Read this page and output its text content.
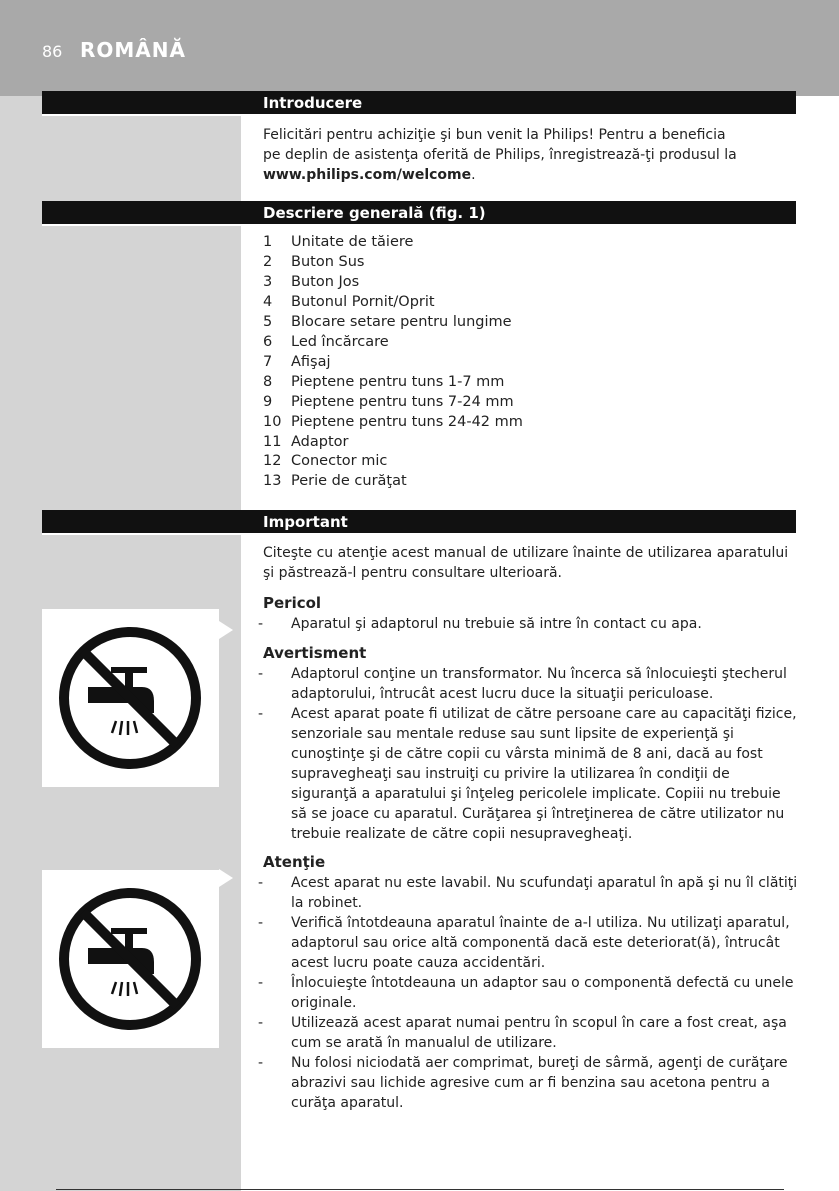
86 ROMÂNĂ
Introducere

Felicitări pentru achiziţie şi bun venit la Philips! Pentru a beneficia

pe deplin de asistenţa oferită de Philips, înregistrează-ţi produsul la

www.philips.com/welcome.

Descriere generală (fig. 1)
1	Unitate de tăiere
2	Buton Sus
3	Buton Jos
4	Butonul Pornit/Oprit
5	Blocare setare pentru lungime
6	Led încărcare
7	Afişaj
8	Pieptene pentru tuns 1-7 mm
9	Pieptene pentru tuns 7-24 mm
10 Pieptene pentru tuns 24-42 mm
11 Adaptor
12 Conector mic
13 Perie de curăţat
Important

Citeşte cu atenţie acest manual de utilizare înainte de utilizarea aparatului

şi păstrează-l pentru consultare ulterioară.

Pericol
-	Aparatul şi adaptorul nu trebuie să intre în contact cu apa.
Avertisment
-	Adaptorul conţine un transformator. Nu încerca să înlocuieşti ştecherul adaptorului, întrucât acest lucru duce la situaţii periculoase.
-	Acest aparat poate fi utilizat de către persoane care au capacităţi fizice, senzoriale sau mentale reduse sau sunt lipsite de experienţă şi cunoştinţe şi de către copii cu vârsta minimă de 8 ani, dacă au fost supravegheaţi sau instruiţi cu privire la utilizarea în condiţii de siguranţă a aparatului şi înţeleg pericolele implicate. Copiii nu trebuie să se joace cu aparatul. Curăţarea şi întreţinerea de către utilizator nu trebuie realizate de către copii nesupravegheaţi.
Atenţie
-	Acest aparat nu este lavabil. Nu scufundaţi aparatul în apă şi nu îl clătiţi la robinet.
-	Verifică întotdeauna aparatul înainte de a-l utiliza. Nu utilizaţi aparatul, adaptorul sau orice altă componentă dacă este deteriorat(ă), întrucât acest lucru poate cauza accidentări.
-	Înlocuieşte întotdeauna un adaptor sau o componentă defectă cu unele originale.
-	Utilizează acest aparat numai pentru în scopul în care a fost creat, aşa cum se arată în manualul de utilizare.
-	Nu folosi niciodată aer comprimat, bureţi de sârmă, agenţi de curăţare abrazivi sau lichide agresive cum ar fi benzina sau acetona pentru a curăţa aparatul.
